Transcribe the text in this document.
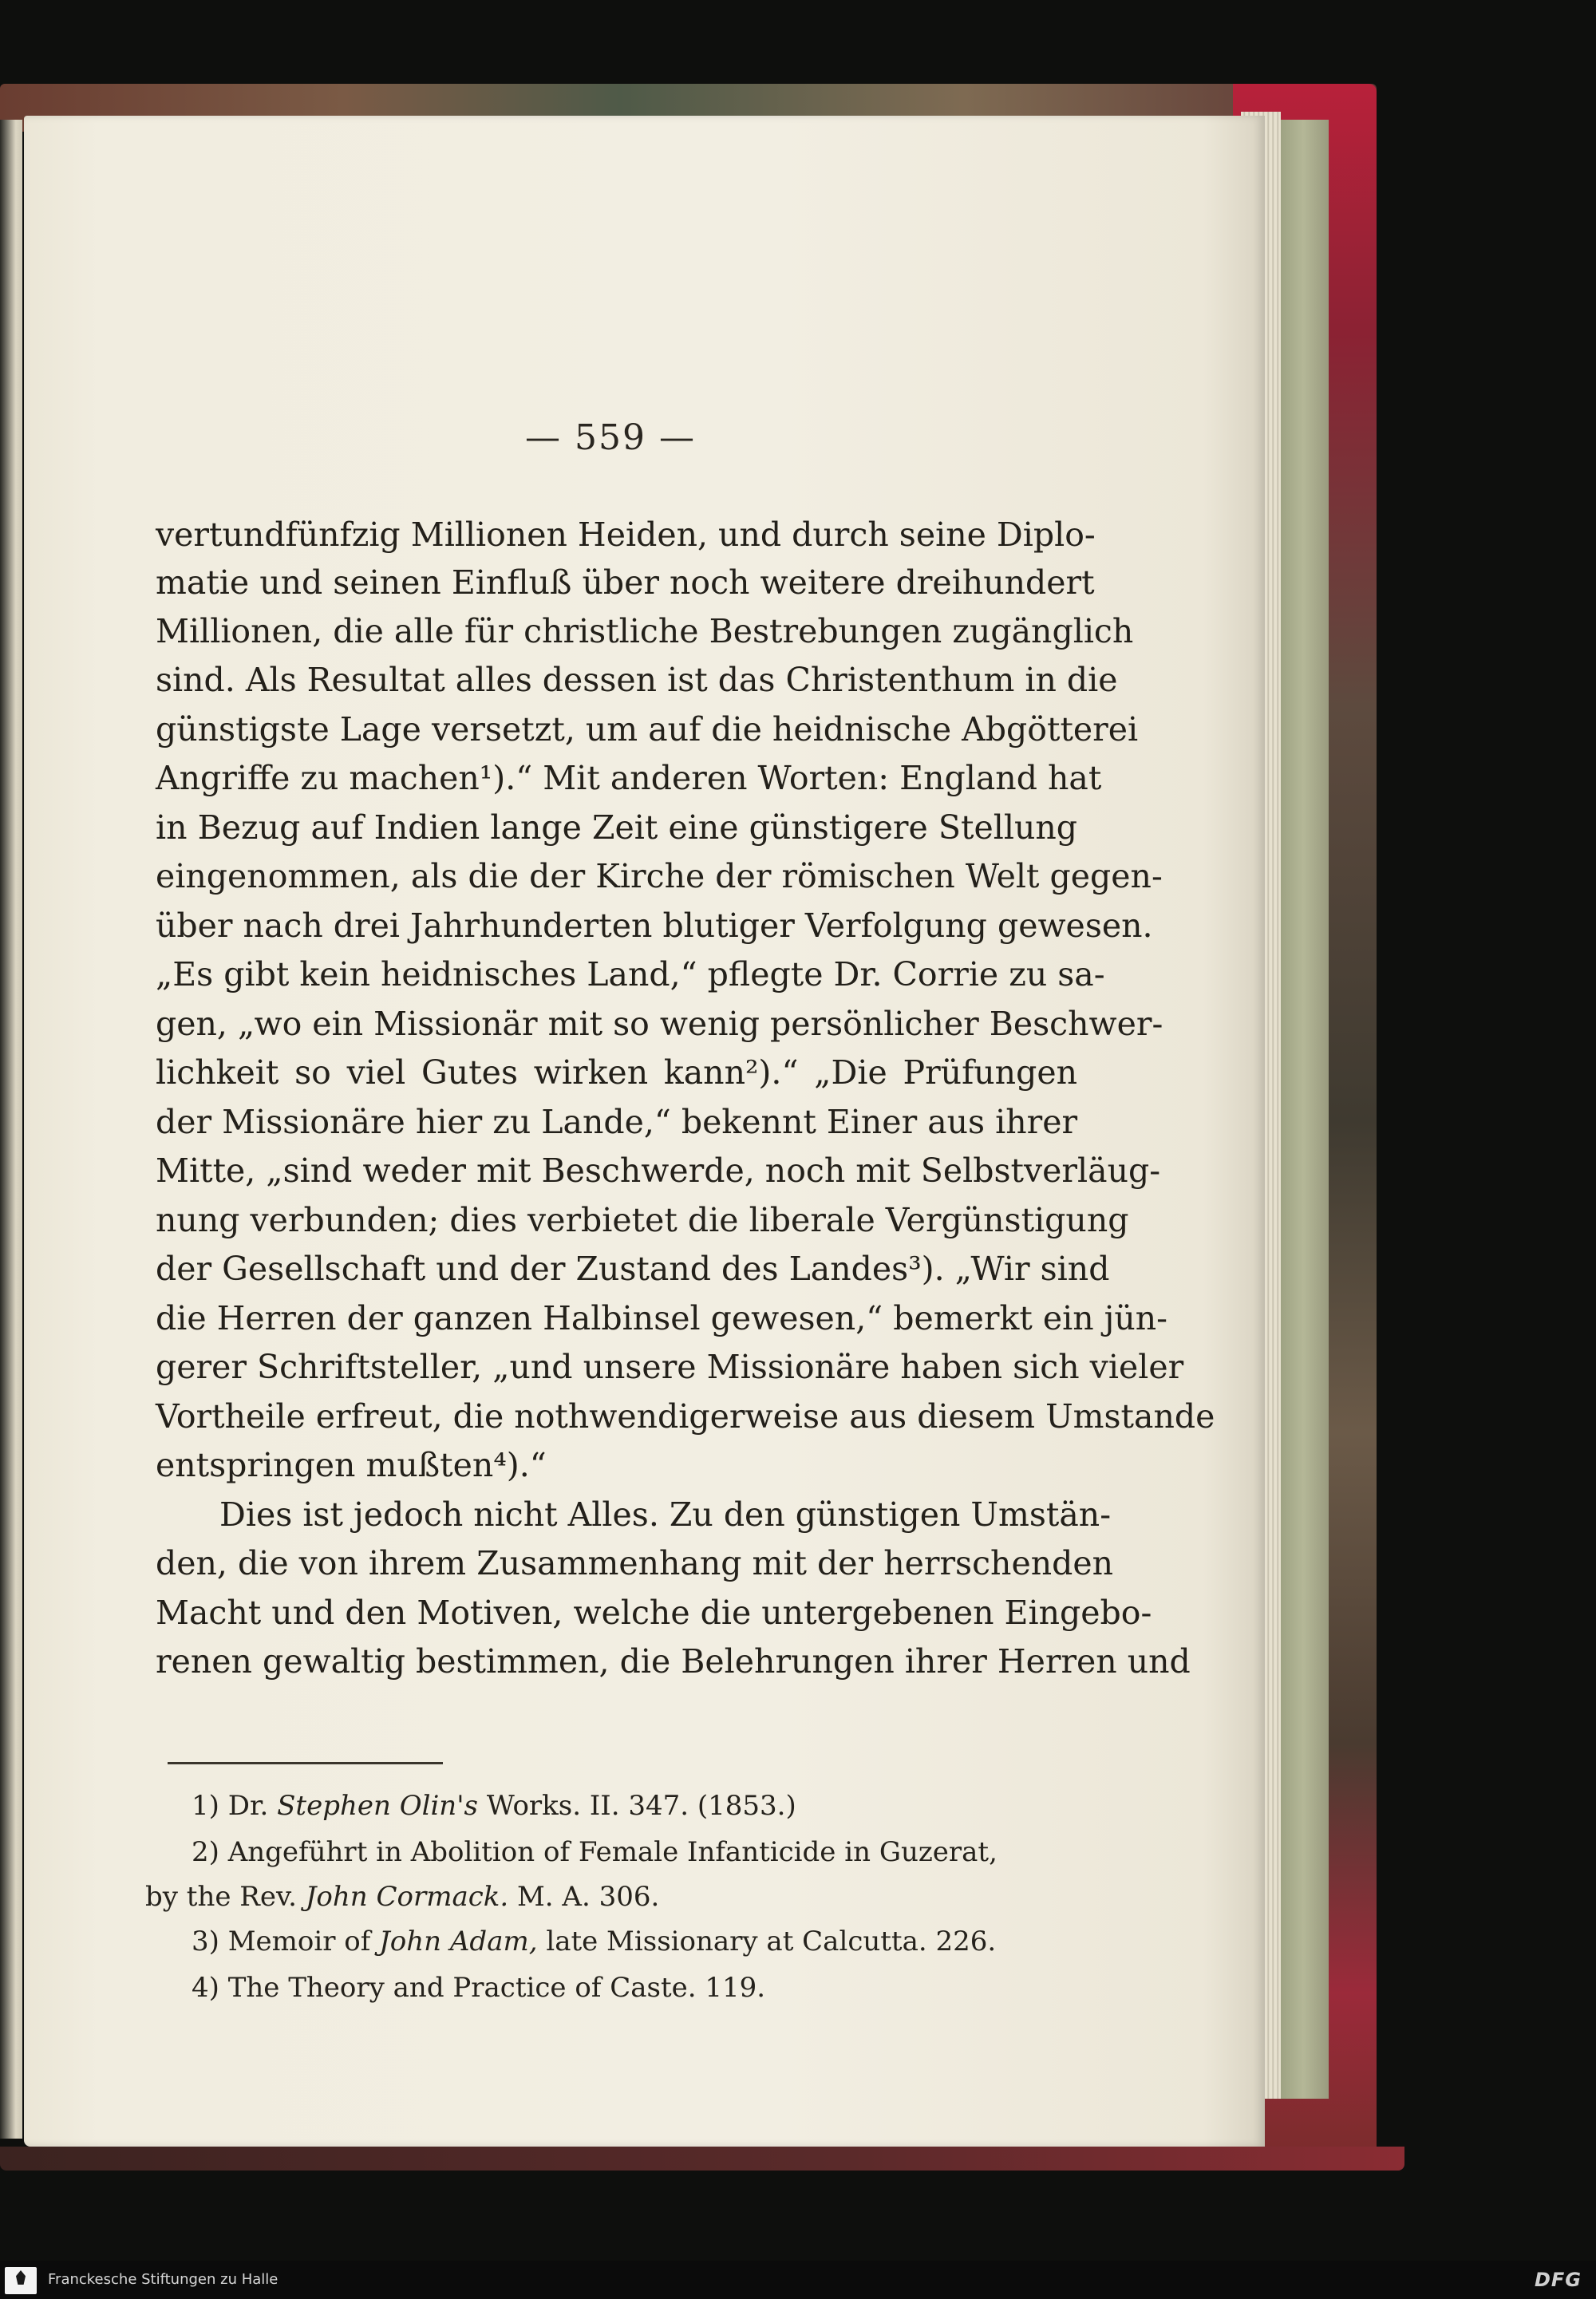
— 559 —
vertundfünfzig Millionen Heiden, und durch seine Diplo-
matie und seinen Einfluß über noch weitere dreihundert
Millionen, die alle für christliche Bestrebungen zugänglich
sind. Als Resultat alles dessen ist das Christenthum in die
günstigste Lage versetzt, um auf die heidnische Abgötterei
Angriffe zu machen¹).“ Mit anderen Worten: England hat
in Bezug auf Indien lange Zeit eine günstigere Stellung
eingenommen, als die der Kirche der römischen Welt gegen-
über nach drei Jahrhunderten blutiger Verfolgung gewesen.
„Es gibt kein heidnisches Land,“ pflegte Dr. Corrie zu sa-
gen, „wo ein Missionär mit so wenig persönlicher Beschwer-
lichkeit so viel Gutes wirken kann²).“ „Die Prüfungen
der Missionäre hier zu Lande,“ bekennt Einer aus ihrer
Mitte, „sind weder mit Beschwerde, noch mit Selbstverläug-
nung verbunden; dies verbietet die liberale Vergünstigung
der Gesellschaft und der Zustand des Landes³). „Wir sind
die Herren der ganzen Halbinsel gewesen,“ bemerkt ein jün-
gerer Schriftsteller, „und unsere Missionäre haben sich vieler
Vortheile erfreut, die nothwendigerweise aus diesem Umstande
entspringen mußten⁴).“
Dies ist jedoch nicht Alles. Zu den günstigen Umstän-
den, die von ihrem Zusammenhang mit der herrschenden
Macht und den Motiven, welche die untergebenen Eingebo-
renen gewaltig bestimmen, die Belehrungen ihrer Herren und
1) Dr. Stephen Olin's Works. II. 347. (1853.)
2) Angeführt in Abolition of Female Infanticide in Guzerat,
by the Rev. John Cormack. M. A. 306.
3) Memoir of John Adam, late Missionary at Calcutta. 226.
4) The Theory and Practice of Caste. 119.
Franckesche Stiftungen zu Halle	DFG
